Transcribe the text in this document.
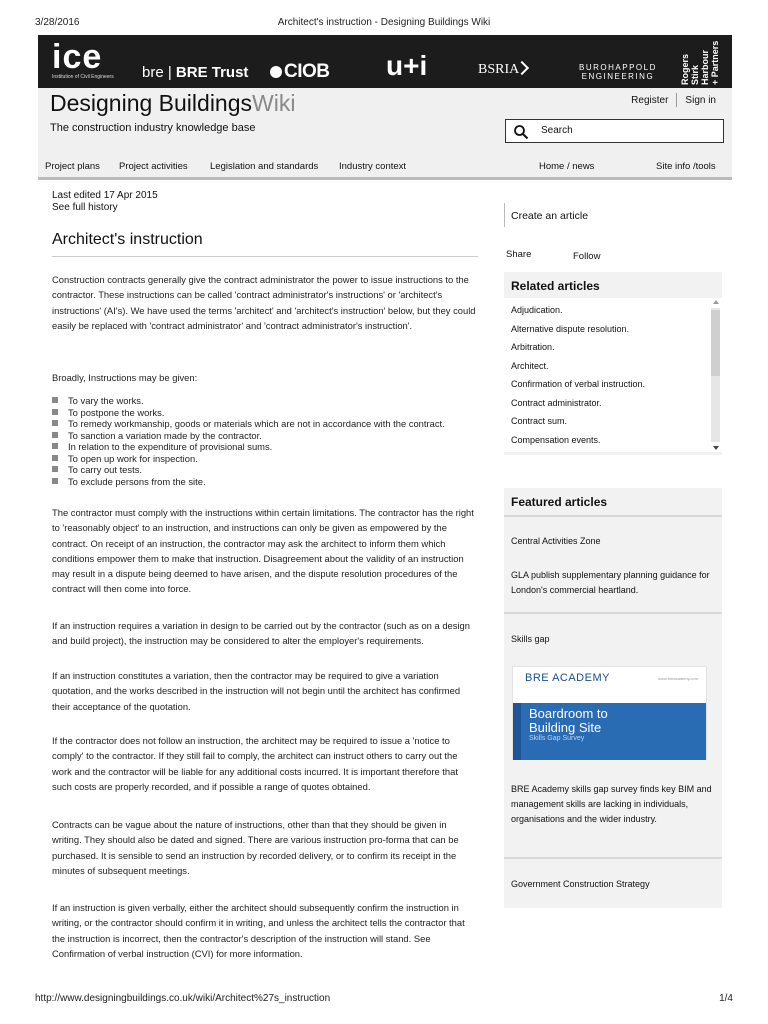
3/28/2016	Architect's instruction - Designing Buildings Wiki
ice
Institution of Civil Engineers bre | BRE Trust	CIOB u+i	BSRIA	BUROHAPPOLD
ENGINEERING	Rogers Stirk Harbour + Partners
Designing BuildingsWiki
The construction industry knowledge base
Register Sign in
Search
Project plans Project activities Legislation and standards Industry context	Home / news	Site info /tools
Last edited 17 Apr 2015
See full history
Architect's instruction

Construction contracts generally give the contract administrator the power to issue instructions to the contractor. These instructions can be called 'contract administrator's instructions' or 'architect's instructions' (AI's). We have used the terms 'architect' and 'architect's instruction' below, but they could easily be replaced with 'contract administrator' and 'contract administrator's instruction'.

Broadly, Instructions may be given:

To vary the works.
To postpone the works.
To remedy workmanship, goods or materials which are not in accordance with the contract.
To sanction a variation made by the contractor.
In relation to the expenditure of provisional sums.
To open up work for inspection.
To carry out tests.
To exclude persons from the site.

The contractor must comply with the instructions within certain limitations. The contractor has the right to 'reasonably object' to an instruction, and instructions can only be given as empowered by the contract. On receipt of an instruction, the contractor may ask the architect to inform them which conditions empower them to make that instruction. Disagreement about the validity of an instruction may result in a dispute being deemed to have arisen, and the dispute resolution procedures of the contract will then come into force.

If an instruction requires a variation in design to be carried out by the contractor (such as on a design and build project), the instruction may be considered to alter the employer's requirements.

If an instruction constitutes a variation, then the contractor may be required to give a variation quotation, and the works described in the instruction will not begin until the architect has confirmed their acceptance of the quotation.

If the contractor does not follow an instruction, the architect may be required to issue a 'notice to comply' to the contractor. If they still fail to comply, the architect can instruct others to carry out the work and the contractor will be liable for any additional costs incurred. It is important therefore that such costs are properly recorded, and if possible a range of quotes obtained.

Contracts can be vague about the nature of instructions, other than that they should be given in writing. They should also be dated and signed. There are various instruction pro-forma that can be purchased. It is sensible to send an instruction by recorded delivery, or to confirm its receipt in the minutes of subsequent meetings.

If an instruction is given verbally, either the architect should subsequently confirm the instruction in writing, or the contractor should confirm it in writing, and unless the architect tells the contractor that the instruction is incorrect, then the contractor's description of the instruction will stand. See Confirmation of verbal instruction (CVI) for more information.

Create an article
Share	Follow
Related articles
Adjudication.
Alternative dispute resolution.
Arbitration.
Architect.
Confirmation of verbal instruction.
Contract administrator.
Contract sum.
Compensation events.
Featured articles
Central Activities Zone
GLA publish supplementary planning guidance for London's commercial heartland.
Skills gap
BRE ACADEMY	www.breacademy.com
Boardroom to
Building Site
Skills Gap Survey
BRE Academy skills gap survey finds key BIM and management skills are lacking in individuals, organisations and the wider industry.
Government Construction Strategy
http://www.designingbuildings.co.uk/wiki/Architect%27s_instruction	1/4
